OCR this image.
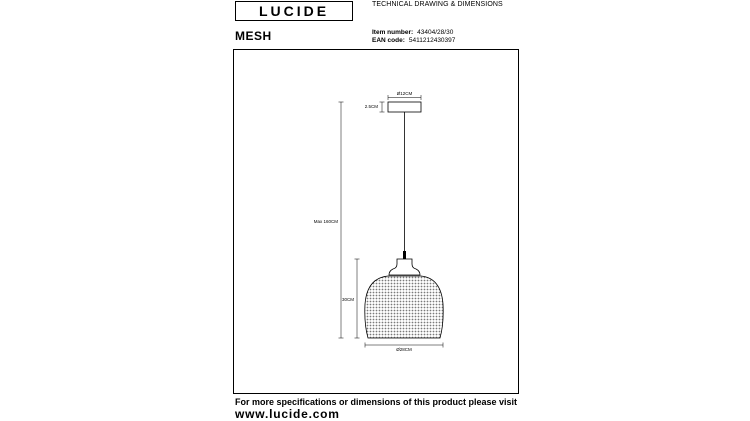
LUCIDE	TECHNICAL DRAWING & DIMENSIONS
MESH	Item number: 43404/28/30
EAN code: 5411212430397
Ø12CM
2.5CM
Max 160CM
30CM
Ø28CM
For more specifications or dimensions of this product please visit
www.lucide.com
